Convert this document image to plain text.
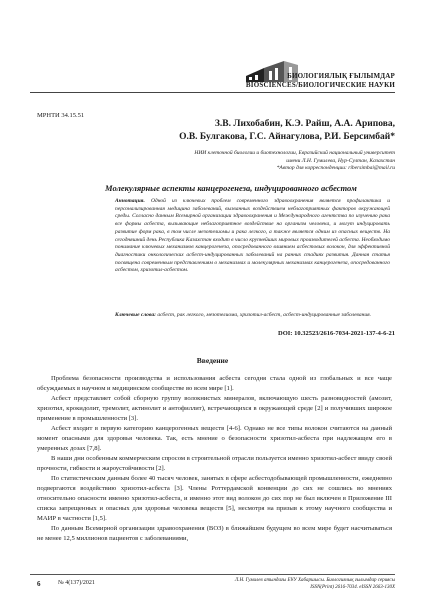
БИОЛОГИЯЛЫҚ ҒЫЛЫМДАР
BIOSCIENCES/БИОЛОГИЧЕСКИЕ НАУКИ
МРНТИ 34.15.51
З.В. Лихобабин, К.Э. Райш, А.А. Арипова,
О.В. Булгакова, Г.С. Айнагулова, Р.И. Берсимбай*
НИИ клеточной биологии и биотехнологии, Евразийский национальный университет
имени Л.Н. Гумилева, Нур-Султан, Казахстан
*Автор для корреспонденции: ribersimbai@mail.ru
Молекулярные аспекты канцерогенеза, индуцированного асбестом
Аннотация. Одной из ключевых проблем современного здравоохранения является профилактика и персонализированная медицина заболеваний, вызванных воздействием неблагоприятных факторов окружающей среды. Согласно данным Всемирной организации здравоохранения и Международного агентства по изучению рака все формы асбеста, вызывающие неблагоприятное воздействие на организм человека, и могут индуцировать развитие форм рака, в том числе мезотелиомы и рака легкого, а также является одним из опасных веществ. На сегодняшний день Республика Казахстан входит в число крупнейших мировых производителей асбеста. Необходимо понимание ключевых механизмов канцерогенеза, опосредованного влиянием асбестовых волокон, для эффективной диагностики онкологических асбест-индуцированных заболеваний на ранних стадиях развития. Данная статья посвящена современным представлениям о механизмах и молекулярных механизмах канцерогенеза, опосредованного асбестом, хризотил-асбестом.
Ключевые слова: асбест, рак легкого, мезотелиома, хризотил-асбест, асбест-индуцированные заболевания.
DOI: 10.32523/2616-7034-2021-137-4-6-21
Введение

Проблема безопасности производства и использования асбеста сегодня стала одной из глобальных и все чаще обсуждаемых в научном и медицинском сообществе во всем мире [1].

Асбест представляет собой сборную группу волокнистых минералов, включающую шесть разновидностей (амозит, хризотил, крокидолит, тремолит, актинолит и антофиллит), встречающихся в окружающей среде [2] и получивших широкое применение в промышленности [3].

Асбест входит в первую категорию канцерогенных веществ [4-6]. Однако не все типы волокон считаются на данный момент опасными для здоровья человека. Так, есть мнение о безопасности хризотил-асбеста при надлежащем его в умеренных дозах [7,8].

В наши дни особенным коммерческим спросом в строительной отрасли пользуется именно хризотил-асбест ввиду своей прочности, гибкости и жароустойчивости [2].

По статистическим данным более 40 тысяч человек, занятых в сфере асбестодобывающей промышленности, ежедневно подвергаются воздействию хризотил-асбеста [3]. Члены Роттердамской конвенции до сих не сошлись во мнениях относительно опасности именно хризотил-асбеста, и именно этот вид волокон до сих пор не был включен в Приложение III списка запрещенных и опасных для здоровья человека веществ [5], несмотря на призыв к этому научного сообщества и МАИР в частности [1,5].

По данным Всемирной организации здравоохранения (ВОЗ) в ближайшем будущем во всем мире будет насчитываться не менее 12,5 миллионов пациентов с заболеваниями,

6	№ 4(137)/2021	Л.Н. Гумилев атындағы ЕҰУ Хабаршысы. Биологиялық ғылымдар сериясы
ISSN(Print) 2616-7034. eISSN 2663-130X
